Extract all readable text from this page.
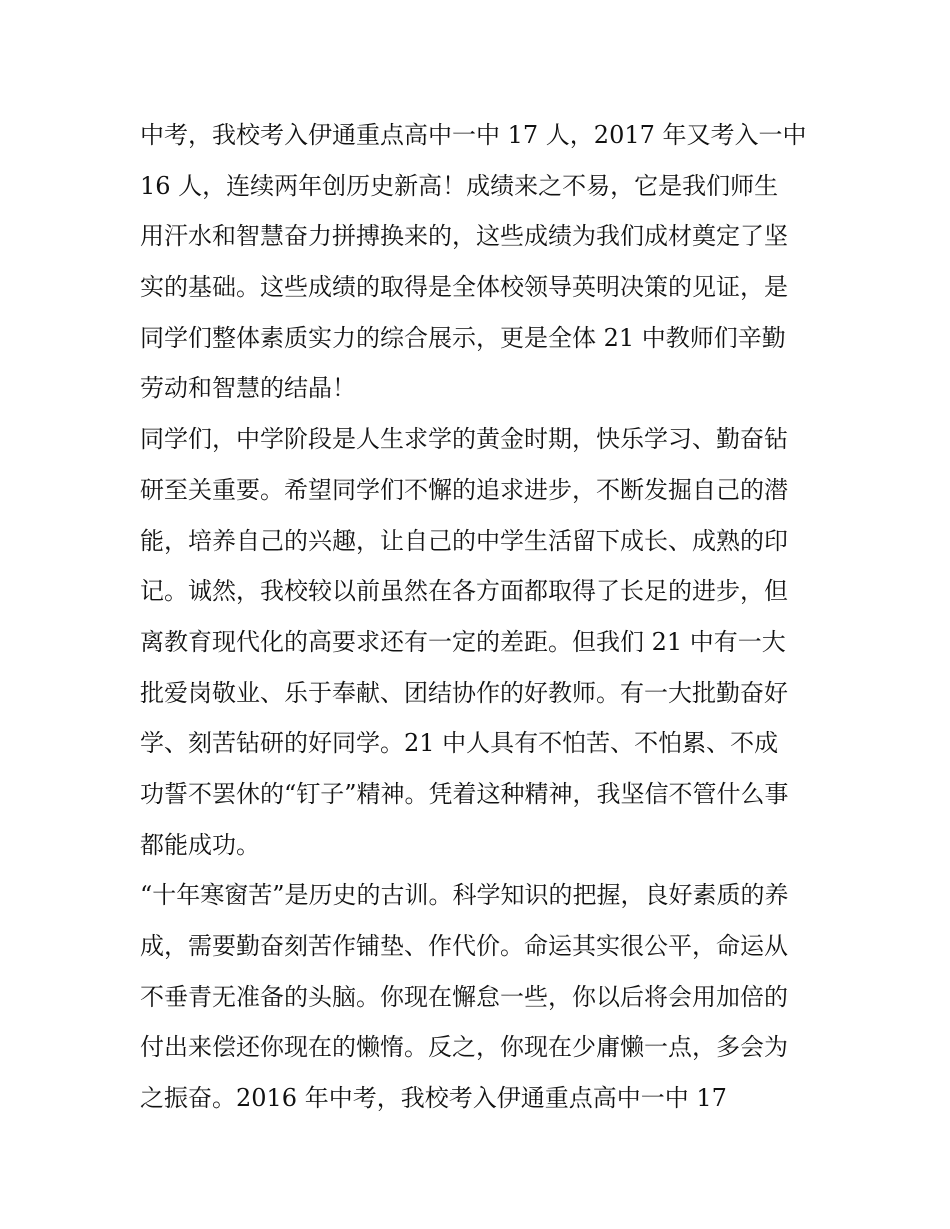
中考，我校考入伊通重点高中一中 17 人，2017 年又考入一中
16 人，连续两年创历史新高！成绩来之不易，它是我们师生
用汗水和智慧奋力拼搏换来的，这些成绩为我们成材奠定了坚
实的基础。这些成绩的取得是全体校领导英明决策的见证，是
同学们整体素质实力的综合展示，更是全体 21 中教师们辛勤
劳动和智慧的结晶！
同学们，中学阶段是人生求学的黄金时期，快乐学习、勤奋钻
研至关重要。希望同学们不懈的追求进步，不断发掘自己的潜
能，培养自己的兴趣，让自己的中学生活留下成长、成熟的印
记。诚然，我校较以前虽然在各方面都取得了长足的进步，但
离教育现代化的高要求还有一定的差距。但我们 21 中有一大
批爱岗敬业、乐于奉献、团结协作的好教师。有一大批勤奋好
学、刻苦钻研的好同学。21 中人具有不怕苦、不怕累、不成
功誓不罢休的“钉子”精神。凭着这种精神，我坚信不管什么事
都能成功。
“十年寒窗苦”是历史的古训。科学知识的把握，良好素质的养
成，需要勤奋刻苦作铺垫、作代价。命运其实很公平，命运从
不垂青无准备的头脑。你现在懈怠一些，你以后将会用加倍的
付出来偿还你现在的懒惰。反之，你现在少庸懒一点，多会为
之振奋。2016 年中考，我校考入伊通重点高中一中 17
